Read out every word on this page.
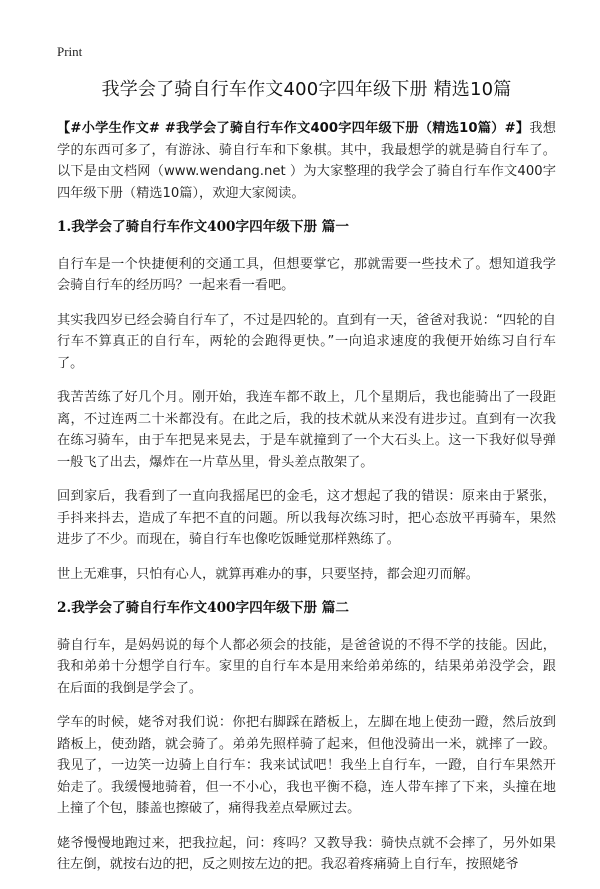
Print
我学会了骑自行车作文400字四年级下册 精选10篇

【#小学生作文# #我学会了骑自行车作文400字四年级下册（精选10篇）#】我想学的东西可多了，有游泳、骑自行车和下象棋。其中，我最想学的就是骑自行车了。以下是由文档网（www.wendang.net ）为大家整理的我学会了骑自行车作文400字四年级下册（精选10篇），欢迎大家阅读。

1.我学会了骑自行车作文400字四年级下册 篇一

自行车是一个快捷便利的交通工具，但想要掌它，那就需要一些技术了。想知道我学会骑自行车的经历吗？一起来看一看吧。

其实我四岁已经会骑自行车了，不过是四轮的。直到有一天，爸爸对我说：“四轮的自行车不算真正的自行车，两轮的会跑得更快。”一向追求速度的我便开始练习自行车了。

我苦苦练了好几个月。刚开始，我连车都不敢上，几个星期后，我也能骑出了一段距离，不过连两二十米都没有。在此之后，我的技术就从来没有进步过。直到有一次我在练习骑车，由于车把晃来晃去，于是车就撞到了一个大石头上。这一下我好似导弹一般飞了出去，爆炸在一片草丛里，骨头差点散架了。

回到家后，我看到了一直向我摇尾巴的金毛，这才想起了我的错误：原来由于紧张，手抖来抖去，造成了车把不直的问题。所以我每次练习时，把心态放平再骑车，果然进步了不少。而现在，骑自行车也像吃饭睡觉那样熟练了。

世上无难事，只怕有心人，就算再难办的事，只要坚持，都会迎刃而解。

2.我学会了骑自行车作文400字四年级下册 篇二

骑自行车，是妈妈说的每个人都必须会的技能，是爸爸说的不得不学的技能。因此，我和弟弟十分想学自行车。家里的自行车本是用来给弟弟练的，结果弟弟没学会，跟在后面的我倒是学会了。

学车的时候，姥爷对我们说：你把右脚踩在踏板上，左脚在地上使劲一蹬，然后放到踏板上，使劲踏，就会骑了。弟弟先照样骑了起来，但他没骑出一米，就摔了一跤。我见了，一边笑一边骑上自行车：我来试试吧！我坐上自行车，一蹬，自行车果然开始走了。我缓慢地骑着，但一不小心，我也平衡不稳，连人带车摔了下来，头撞在地上撞了个包，膝盖也擦破了，痛得我差点晕厥过去。

姥爷慢慢地跑过来，把我拉起，问：疼吗？又教导我：骑快点就不会摔了，另外如果往左倒，就按右边的把，反之则按左边的把。我忍着疼痛骑上自行车，按照姥爷
